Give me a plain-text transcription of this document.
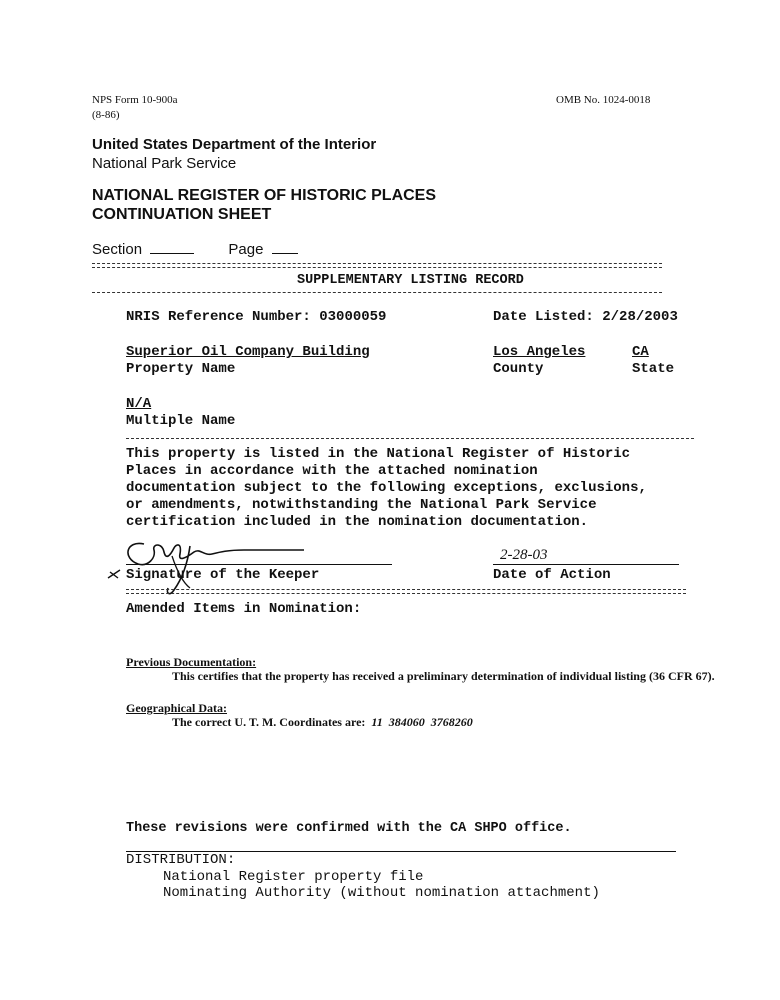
NPS Form 10-900a
(8-86)
OMB No. 1024-0018
United States Department of the Interior
National Park Service
NATIONAL REGISTER OF HISTORIC PLACES
CONTINUATION SHEET
Section	Page
SUPPLEMENTARY LISTING RECORD
NRIS Reference Number: 03000059	Date Listed: 2/28/2003
Superior Oil Company Building
Property Name
Los Angeles
County
CA
State
N/A
Multiple Name
This property is listed in the National Register of Historic
Places in accordance with the attached nomination
documentation subject to the following exceptions, exclusions,
or amendments, notwithstanding the National Park Service
certification included in the nomination documentation.
Signature of the Keeper
2-28-03
Date of Action
Amended Items in Nomination:
Previous Documentation:
This certifies that the property has received a preliminary determination of individual listing (36 CFR 67).
Geographical Data:
The correct U. T. M. Coordinates are: 11  384060  3768260
These revisions were confirmed with the CA SHPO office.
DISTRIBUTION:
National Register property file
Nominating Authority (without nomination attachment)
